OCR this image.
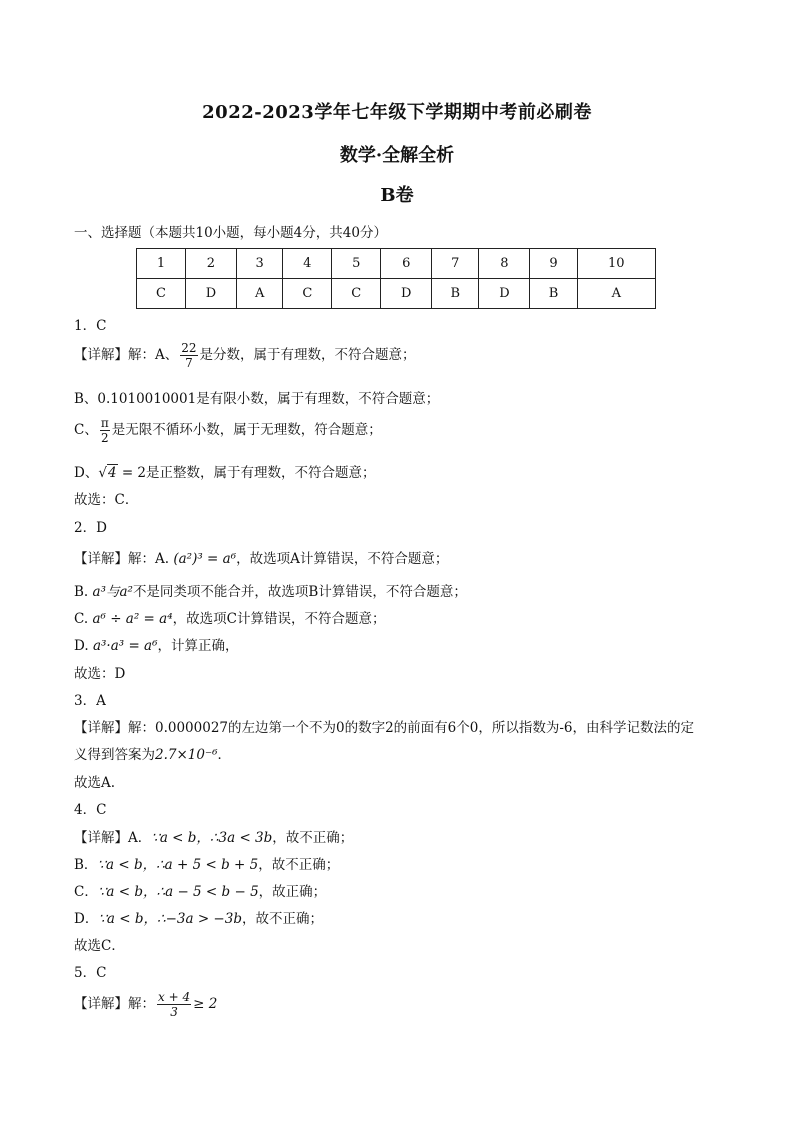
2022-2023学年七年级下学期期中考前必刷卷
数学·全解全析
B卷
一、选择题（本题共10小题，每小题4分，共40分）
1	2	3	4	5	6	7	8	9	10
C	D	A	C	C	D	B	D	B	A
1．C
【详解】解：A、 $\frac{22}{7}$ 是分数，属于有理数，不符合题意；
B、0.1010010001是有限小数，属于有理数，不符合题意；
C、 $\frac{\pi}{2}$ 是无限不循环小数，属于无理数，符合题意；
D、√4 = 2是正整数，属于有理数，不符合题意；
故选：C．
2．D
【详解】解：A. (a²)³ = a⁶，故选项A计算错误，不符合题意；
B. a³与a²不是同类项不能合并，故选项B计算错误，不符合题意；
C. a⁶ ÷ a² = a⁴，故选项C计算错误，不符合题意；
D. a³·a³ = a⁶，计算正确，
故选：D
3．A
【详解】解：0.0000027的左边第一个不为0的数字2的前面有6个0，所以指数为-6，由科学记数法的定
义得到答案为2.7×10⁻⁶．
故选A.
4．C
【详解】A．∵a < b，∴3a < 3b，故不正确；
B．∵a < b，∴a + 5 < b + 5，故不正确；
C．∵a < b，∴a − 5 < b − 5，故正确；
D．∵a < b，∴−3a > −3b，故不正确；
故选C．
5．C
【详解】解： $\frac{x + 4}{3} \ge 2$
